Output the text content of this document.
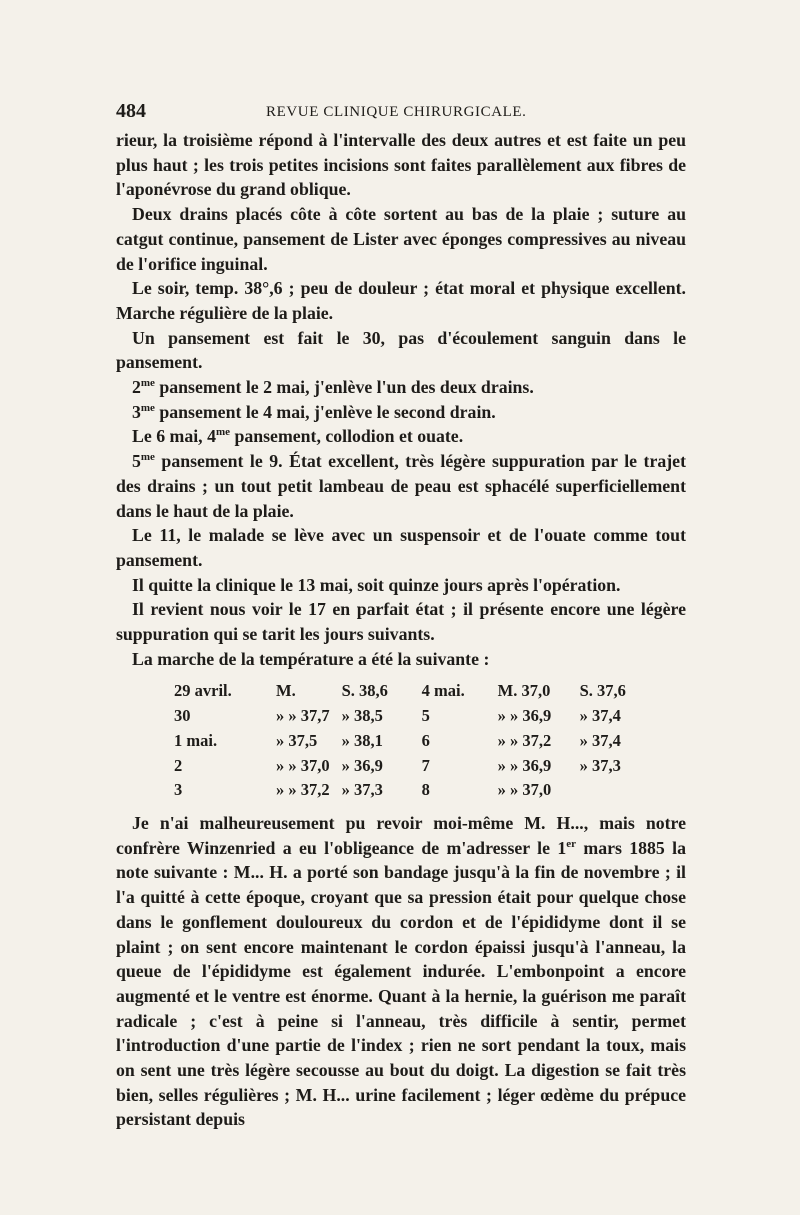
484	REVUE CLINIQUE CHIRURGICALE.

rieur, la troisième répond à l'intervalle des deux autres et est faite un peu plus haut ; les trois petites incisions sont faites parallèlement aux fibres de l'aponévrose du grand oblique.

Deux drains placés côte à côte sortent au bas de la plaie ; suture au catgut continue, pansement de Lister avec éponges compressives au niveau de l'orifice inguinal.

Le soir, temp. 38°,6 ; peu de douleur ; état moral et physique excellent. Marche régulière de la plaie.

Un pansement est fait le 30, pas d'écoulement sanguin dans le pansement.

$2^{me}$ pansement le 2 mai, j'enlève l'un des deux drains.

$3^{me}$ pansement le 4 mai, j'enlève le second drain.

Le 6 mai, $4^{me}$ pansement, collodion et ouate.

$5^{me}$ pansement le 9. État excellent, très légère suppuration par le trajet des drains ; un tout petit lambeau de peau est sphacélé superficiellement dans le haut de la plaie.

Le 11, le malade se lève avec un suspensoir et de l'ouate comme tout pansement.

Il quitte la clinique le 13 mai, soit quinze jours après l'opération.

Il revient nous voir le 17 en parfait état ; il présente encore une légère suppuration qui se tarit les jours suivants.

La marche de la température a été la suivante :

29 avril.	M.	S. 38,6	4 mai.	M. 37,0	S. 37,6
30	» » 37,7	» 38,5	5	» » 36,9	» 37,4
1 mai.	» 37,5	» 38,1	6	» » 37,2	» 37,4
2	» » 37,0	» 36,9	7	» » 36,9	» 37,3
3	» » 37,2	» 37,3	8	» » 37,0	

Je n'ai malheureusement pu revoir moi-même M. H..., mais notre confrère Winzenried a eu l'obligeance de m'adresser le 1er mars 1885 la note suivante : M... H. a porté son bandage jusqu'à la fin de novembre ; il l'a quitté à cette époque, croyant que sa pression était pour quelque chose dans le gonflement douloureux du cordon et de l'épididyme dont il se plaint ; on sent encore maintenant le cordon épaissi jusqu'à l'anneau, la queue de l'épididyme est également indurée. L'embonpoint a encore augmenté et le ventre est énorme. Quant à la hernie, la guérison me paraît radicale ; c'est à peine si l'anneau, très difficile à sentir, permet l'introduction d'une partie de l'index ; rien ne sort pendant la toux, mais on sent une très légère secousse au bout du doigt. La digestion se fait très bien, selles régulières ; M. H... urine facilement ; léger œdème du prépuce persistant depuis
